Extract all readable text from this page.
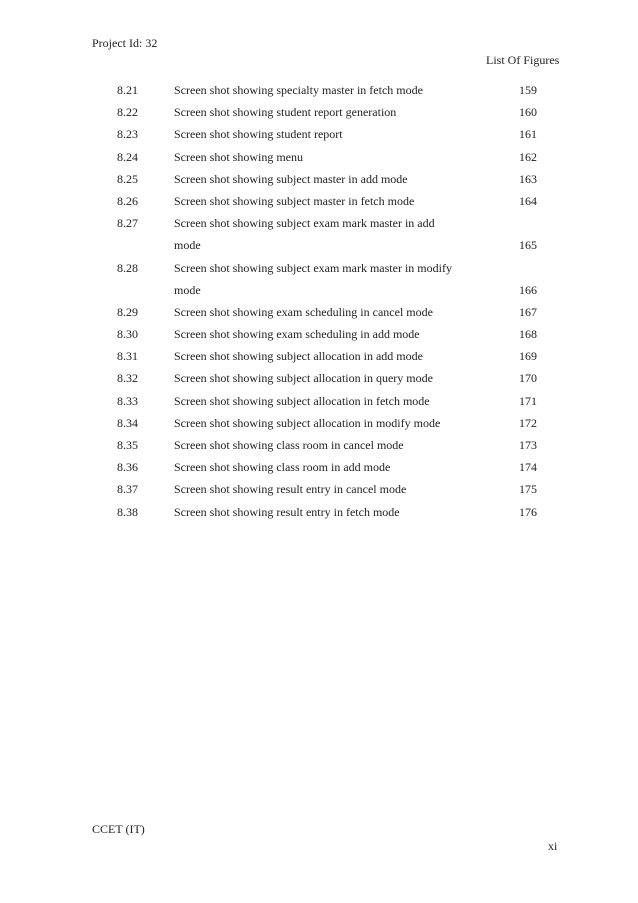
Project Id: 32
List Of Figures
8.21	Screen shot showing specialty master in fetch mode	159
8.22	Screen shot showing student report generation	160
8.23	Screen shot showing student report	161
8.24	Screen shot showing menu	162
8.25	Screen shot showing subject master in add mode	163
8.26	Screen shot showing subject master in fetch mode	164
8.27	Screen shot showing subject exam mark master in add
mode	165
8.28	Screen shot showing subject exam mark master in modify
mode	166
8.29	Screen shot showing exam scheduling in cancel mode	167
8.30	Screen shot showing exam scheduling in add mode	168
8.31	Screen shot showing subject allocation in add mode	169
8.32	Screen shot showing subject allocation in query mode	170
8.33	Screen shot showing subject allocation in fetch mode	171
8.34	Screen shot showing subject allocation in modify mode	172
8.35	Screen shot showing class room in cancel mode	173
8.36	Screen shot showing class room in add mode	174
8.37	Screen shot showing result entry in cancel mode	175
8.38	Screen shot showing result entry in fetch mode	176
CCET (IT)
xi
